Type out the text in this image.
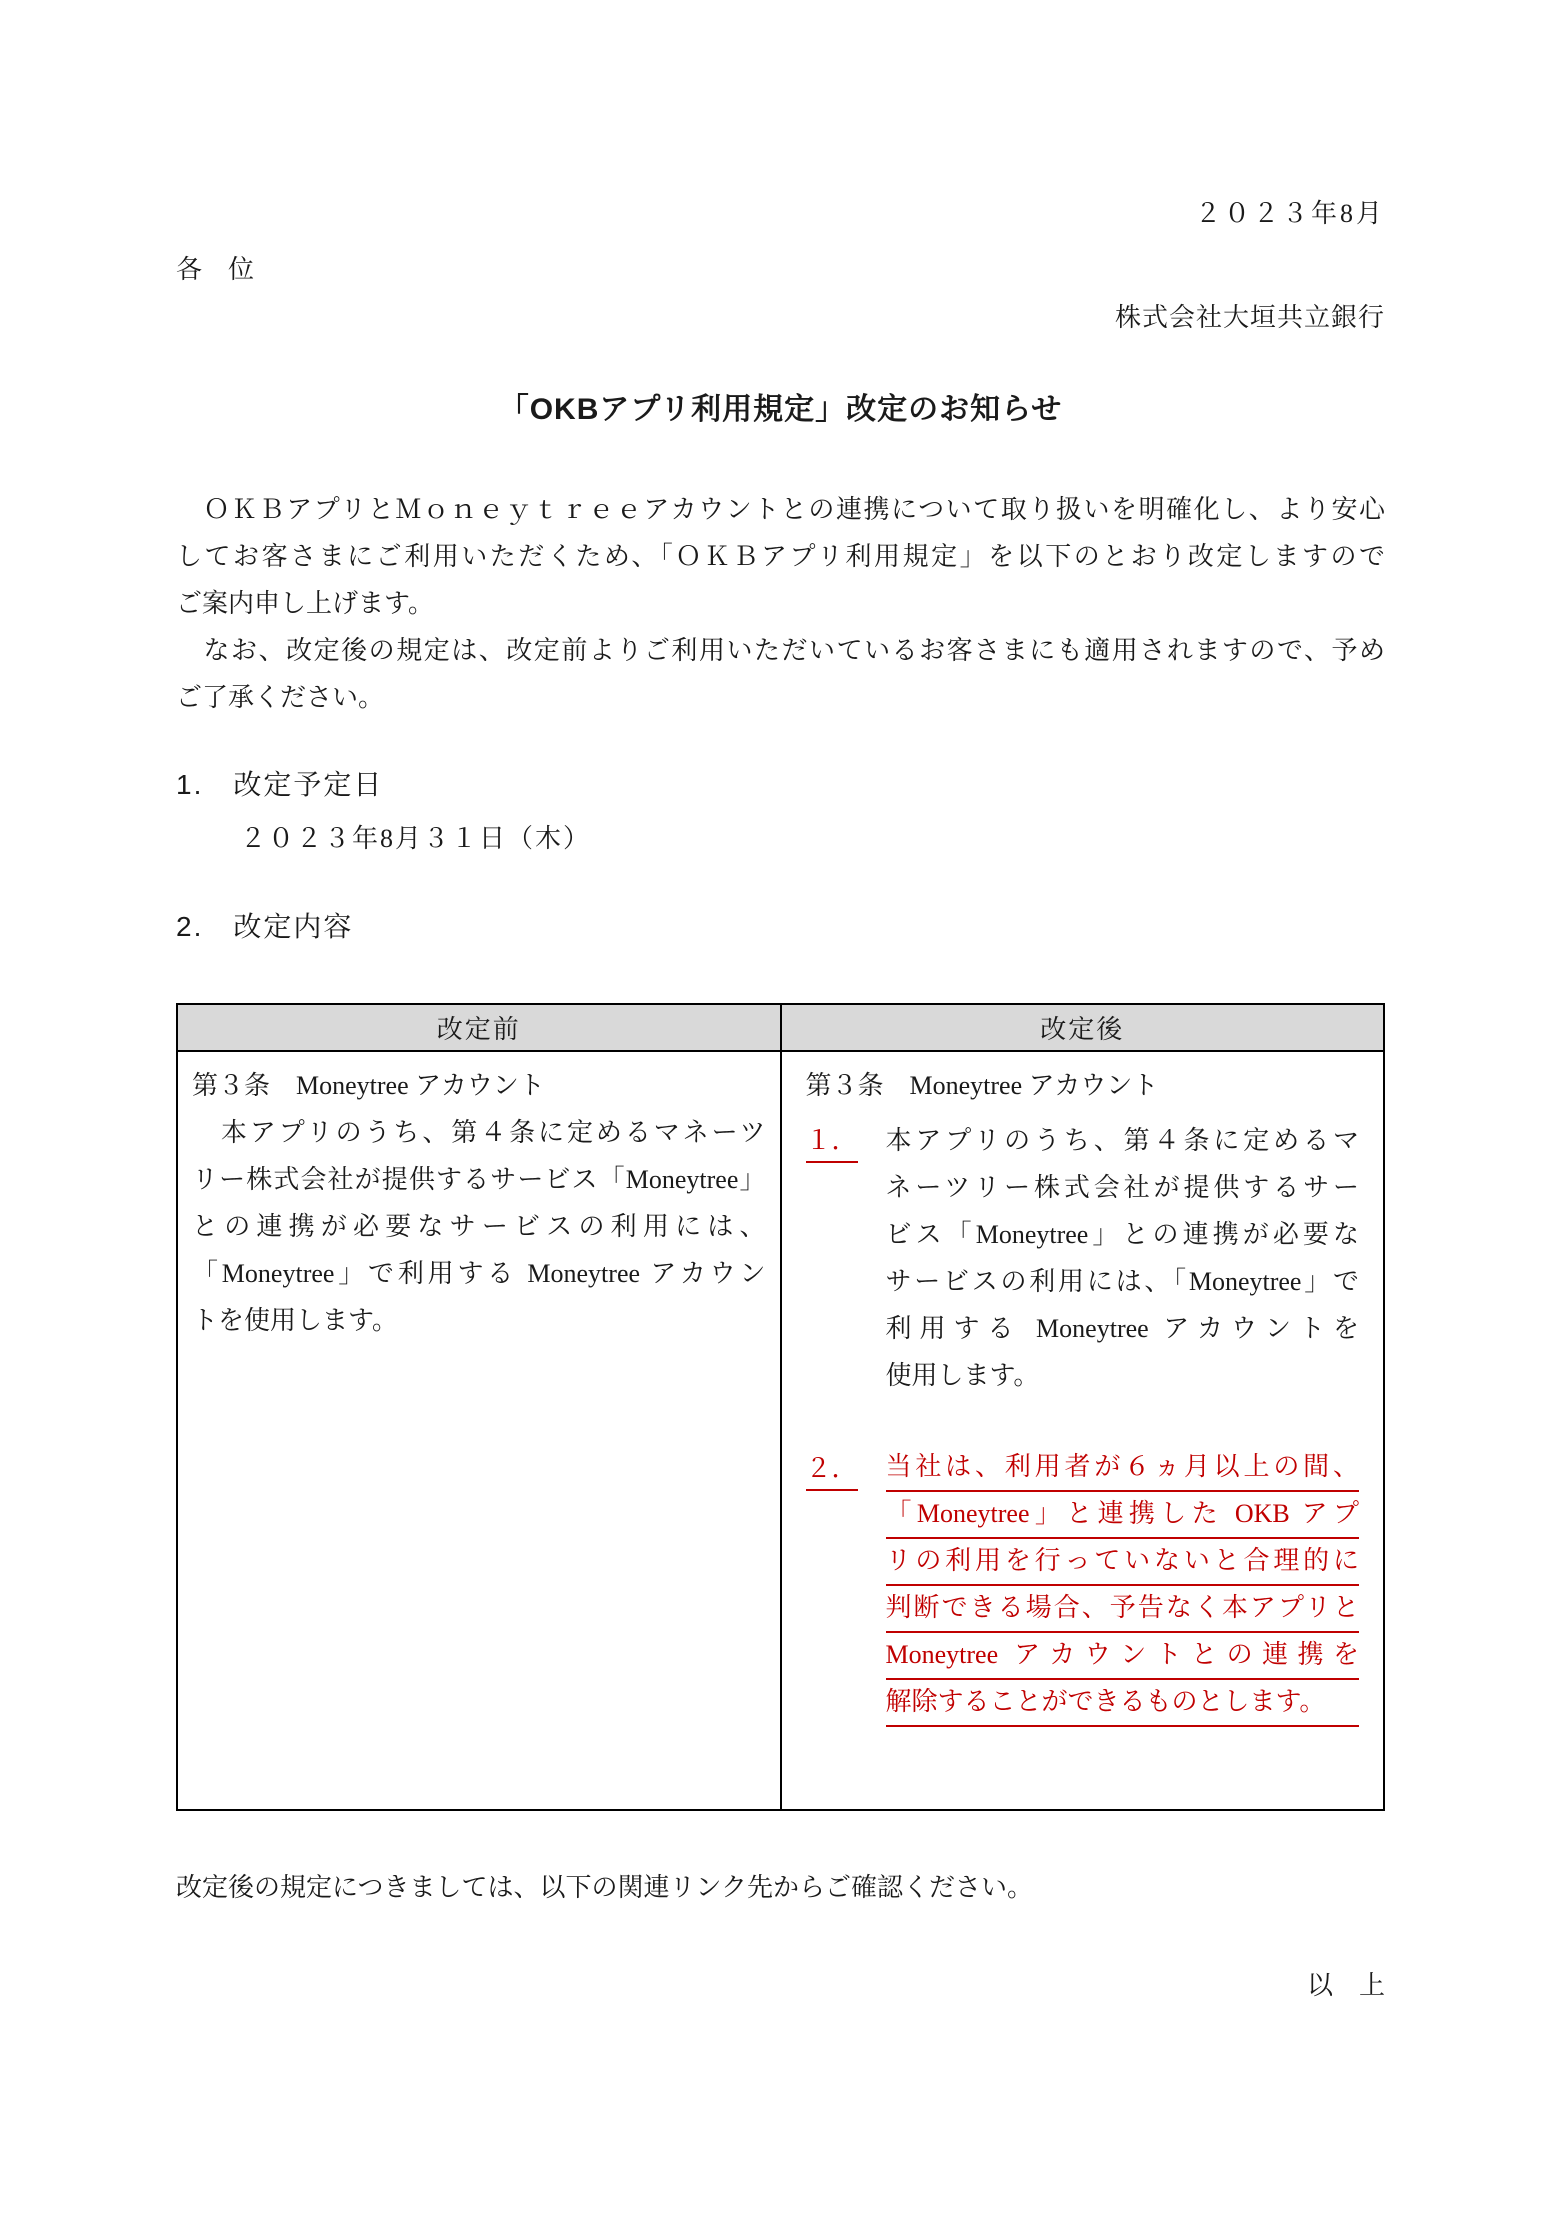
２０２３年8月
各　位
株式会社大垣共立銀行
「OKBアプリ利用規定」改定のお知らせ
　ＯＫＢアプリとＭｏｎｅｙｔｒｅｅアカウントとの連携について取り扱いを明確化し、より安心
してお客さまにご利用いただくため、「ＯＫＢアプリ利用規定」を以下のとおり改定しますので
ご案内申し上げます。
　なお、改定後の規定は、改定前よりご利用いただいているお客さまにも適用されますので、予め
ご了承ください。
1.　改定予定日
２０２３年8月３１日（木）
2.　改定内容
改定前	改定後

第３条　Moneytree アカウント
　本アプリのうち、第４条に定めるマネーツ
リー株式会社が提供するサービス「Moneytree」
との連携が必要なサービスの利用には、
「Moneytree」で利用する Moneytree アカウン
トを使用します。

第３条　Moneytree アカウント
１． 本アプリのうち、第４条に定めるマ
ネーツリー株式会社が提供するサー
ビス「Moneytree」との連携が必要な
サービスの利用には、「Moneytree」で
利用する Moneytree アカウントを
使用します。
２． 当社は、利用者が６ヵ月以上の間、
「Moneytree」と連携した OKB アプ
リの利用を行っていないと合理的に
判断できる場合、予告なく本アプリと
Moneytree アカウントとの連携を
解除することができるものとします。
改定後の規定につきましては、以下の関連リンク先からご確認ください。
以　上
